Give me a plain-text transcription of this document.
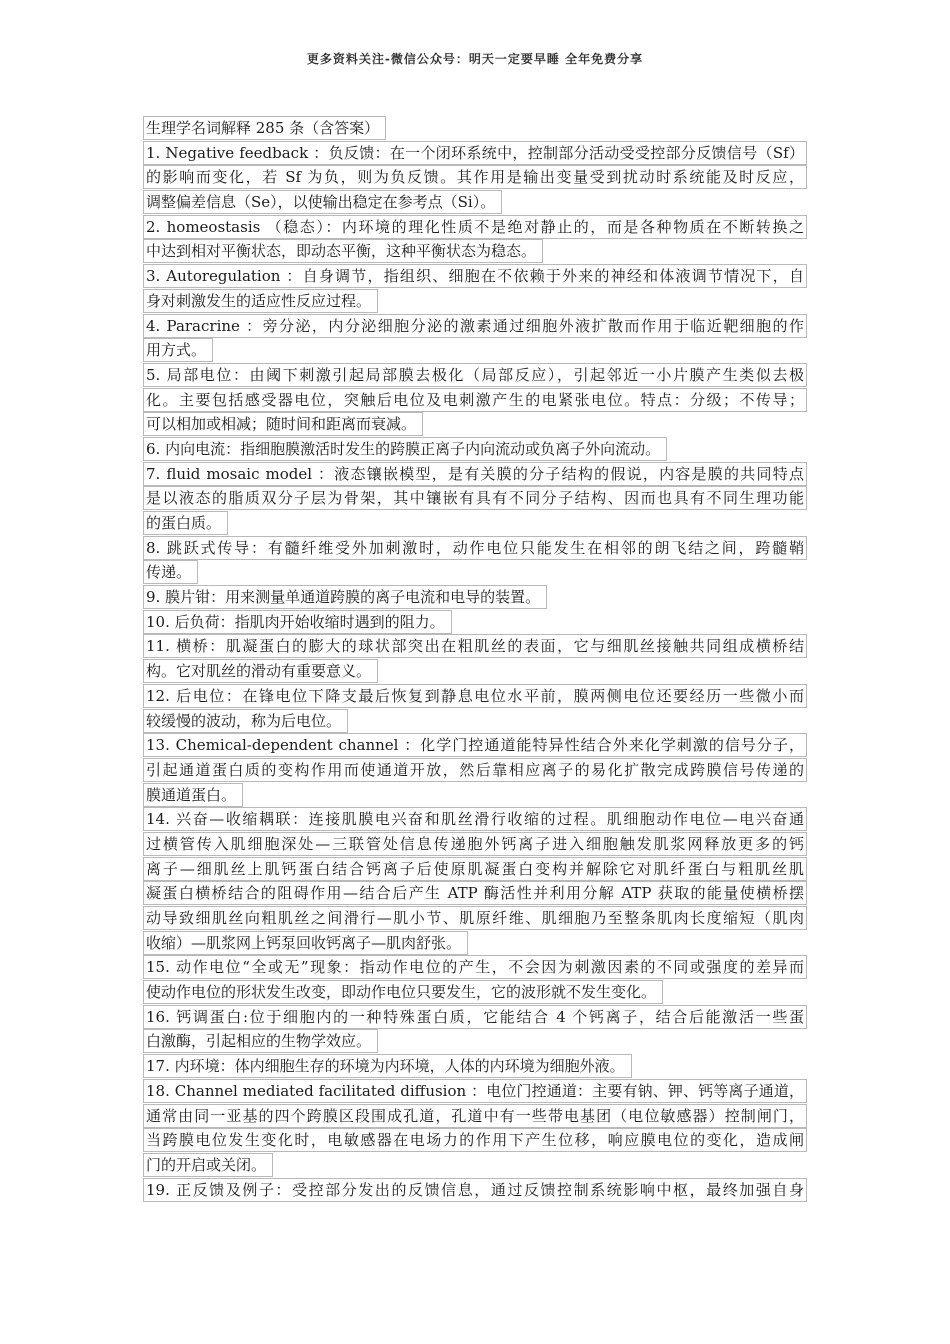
更多资料关注-微信公众号：明天一定要早睡 全年免费分享
生理学名词解释 285 条（含答案）
1. Negative feedback ：负反馈：在一个闭环系统中，控制部分活动受受控部分反馈信号（Sf）
的影响而变化，若 Sf 为负，则为负反馈。其作用是输出变量受到扰动时系统能及时反应，
调整偏差信息（Se），以使输出稳定在参考点（Si）。
2. homeostasis （稳态）：内环境的理化性质不是绝对静止的，而是各种物质在不断转换之
中达到相对平衡状态，即动态平衡，这种平衡状态为稳态。
3. Autoregulation ：自身调节，指组织、细胞在不依赖于外来的神经和体液调节情况下，自
身对刺激发生的适应性反应过程。
4. Paracrine ：旁分泌，内分泌细胞分泌的激素通过细胞外液扩散而作用于临近靶细胞的作
用方式。
5. 局部电位：由阈下刺激引起局部膜去极化（局部反应），引起邻近一小片膜产生类似去极
化。主要包括感受器电位，突触后电位及电刺激产生的电紧张电位。特点：分级；不传导；
可以相加或相减；随时间和距离而衰减。
6. 内向电流：指细胞膜激活时发生的跨膜正离子内向流动或负离子外向流动。
7. fluid mosaic model ：液态镶嵌模型，是有关膜的分子结构的假说，内容是膜的共同特点
是以液态的脂质双分子层为骨架，其中镶嵌有具有不同分子结构、因而也具有不同生理功能
的蛋白质。
8. 跳跃式传导：有髓纤维受外加刺激时，动作电位只能发生在相邻的朗飞结之间，跨髓鞘
传递。
9. 膜片钳：用来测量单通道跨膜的离子电流和电导的装置。
10. 后负荷：指肌肉开始收缩时遇到的阻力。
11. 横桥：肌凝蛋白的膨大的球状部突出在粗肌丝的表面，它与细肌丝接触共同组成横桥结
构。它对肌丝的滑动有重要意义。
12. 后电位：在锋电位下降支最后恢复到静息电位水平前，膜两侧电位还要经历一些微小而
较缓慢的波动，称为后电位。
13. Chemical-dependent channel ：化学门控通道能特异性结合外来化学刺激的信号分子，
引起通道蛋白质的变构作用而使通道开放，然后靠相应离子的易化扩散完成跨膜信号传递的
膜通道蛋白。
14. 兴奋—收缩耦联：连接肌膜电兴奋和肌丝滑行收缩的过程。肌细胞动作电位—电兴奋通
过横管传入肌细胞深处—三联管处信息传递胞外钙离子进入细胞触发肌浆网释放更多的钙
离子—细肌丝上肌钙蛋白结合钙离子后使原肌凝蛋白变构并解除它对肌纤蛋白与粗肌丝肌
凝蛋白横桥结合的阻碍作用—结合后产生 ATP 酶活性并利用分解 ATP 获取的能量使横桥摆
动导致细肌丝向粗肌丝之间滑行—肌小节、肌原纤维、肌细胞乃至整条肌肉长度缩短（肌肉
收缩）—肌浆网上钙泵回收钙离子—肌肉舒张。
15. 动作电位“全或无”现象：指动作电位的产生，不会因为刺激因素的不同或强度的差异而
使动作电位的形状发生改变，即动作电位只要发生，它的波形就不发生变化。
16. 钙调蛋白:位于细胞内的一种特殊蛋白质，它能结合 4 个钙离子，结合后能激活一些蛋
白激酶，引起相应的生物学效应。
17. 内环境：体内细胞生存的环境为内环境，人体的内环境为细胞外液。
18. Channel mediated facilitated diffusion ：电位门控通道：主要有钠、钾、钙等离子通道，
通常由同一亚基的四个跨膜区段围成孔道，孔道中有一些带电基团（电位敏感器）控制闸门，
当跨膜电位发生变化时，电敏感器在电场力的作用下产生位移，响应膜电位的变化，造成闸
门的开启或关闭。
19. 正反馈及例子：受控部分发出的反馈信息，通过反馈控制系统影响中枢，最终加强自身
